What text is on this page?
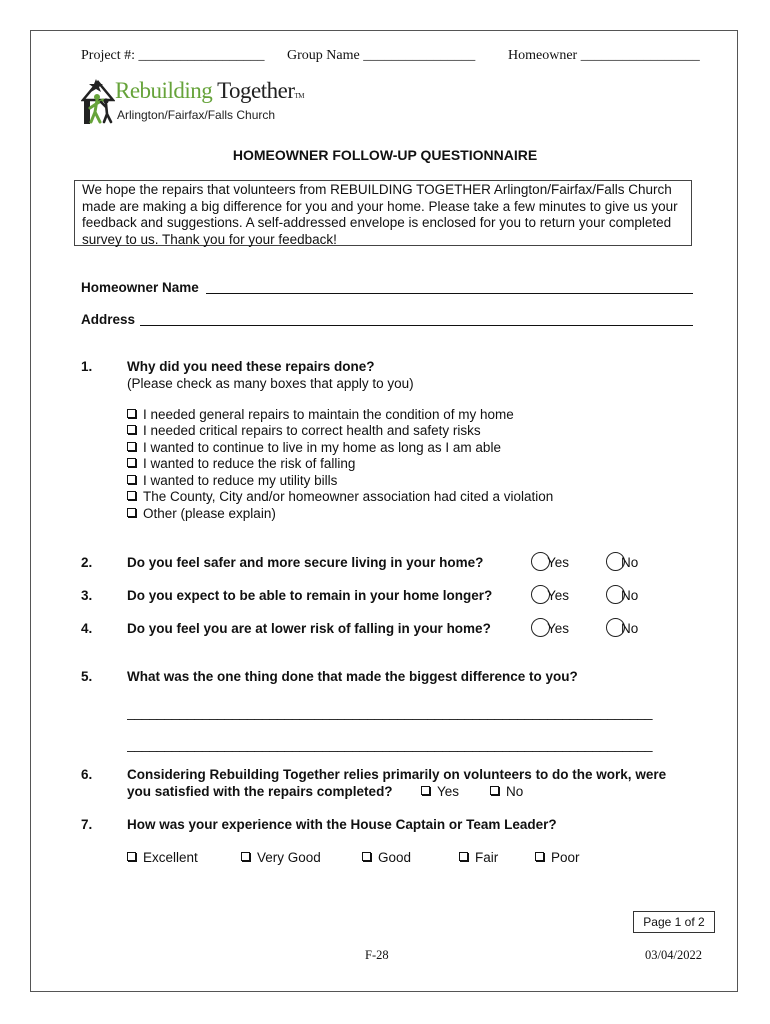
Project #: __________________ Group Name ________________ Homeowner _________________
Rebuilding TogetherTM
Arlington/Fairfax/Falls Church
HOMEOWNER FOLLOW-UP QUESTIONNAIRE
We hope the repairs that volunteers from REBUILDING TOGETHER Arlington/Fairfax/Falls Church made are making a big difference for you and your home. Please take a few minutes to give us your feedback and suggestions. A self-addressed envelope is enclosed for you to return your completed survey to us. Thank you for your feedback!
Homeowner Name
Address
1.	Why did you need these repairs done?
(Please check as many boxes that apply to you)
I needed general repairs to maintain the condition of my home
I needed critical repairs to correct health and safety risks
I wanted to continue to live in my home as long as I am able
I wanted to reduce the risk of falling
I wanted to reduce my utility bills
The County, City and/or homeowner association had cited a violation
Other (please explain)
2.	Do you feel safer and more secure living in your home?	Yes	No
3.	Do you expect to be able to remain in your home longer?	Yes	No
4.	Do you feel you are at lower risk of falling in your home?	Yes	No
5.	What was the one thing done that made the biggest difference to you?
______________________________________________________________________
______________________________________________________________________
6.	Considering Rebuilding Together relies primarily on volunteers to do the work, were
you satisfied with the repairs completed?	Yes	No
7.	How was your experience with the House Captain or Team Leader?
Excellent	Very Good	Good	Fair	Poor
Page 1 of 2
F-28	03/04/2022
